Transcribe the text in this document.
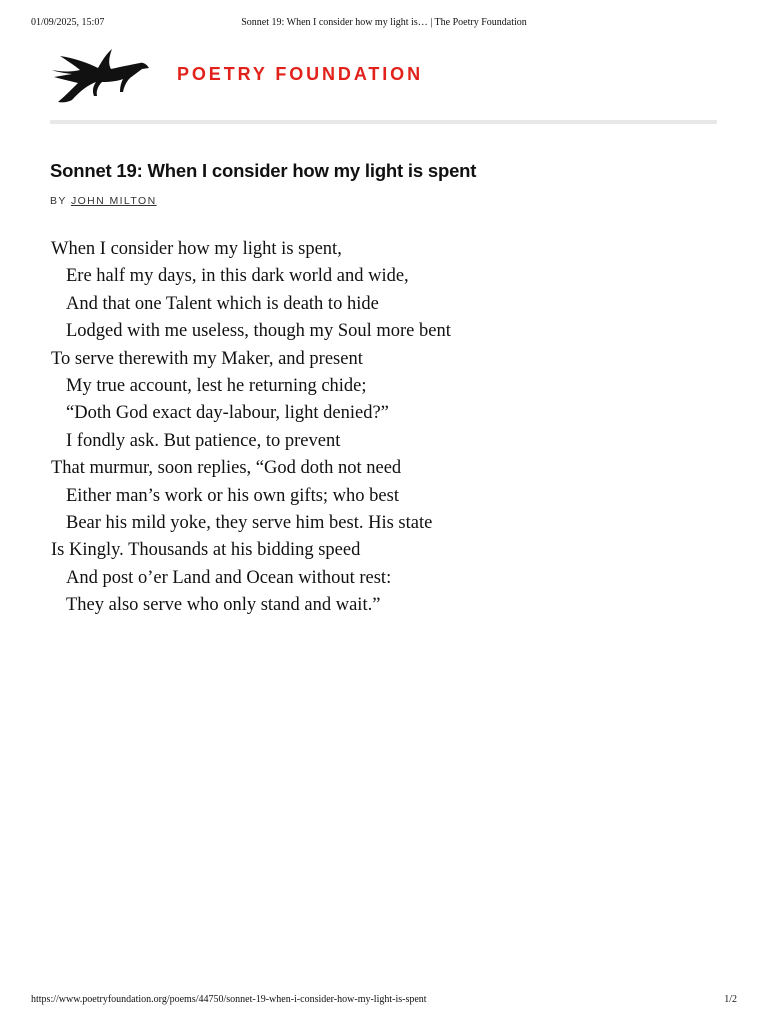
01/09/2025, 15:07	Sonnet 19: When I consider how my light is… | The Poetry Foundation
POETRY FOUNDATION
Sonnet 19: When I consider how my light is spent
BY JOHN MILTON
When I consider how my light is spent,
Ere half my days, in this dark world and wide,
And that one Talent which is death to hide
Lodged with me useless, though my Soul more bent
To serve therewith my Maker, and present
My true account, lest he returning chide;
“Doth God exact day-labour, light denied?”
I fondly ask. But patience, to prevent
That murmur, soon replies, “God doth not need
Either man’s work or his own gifts; who best
Bear his mild yoke, they serve him best. His state
Is Kingly. Thousands at his bidding speed
And post o’er Land and Ocean without rest:
They also serve who only stand and wait.”
https://www.poetryfoundation.org/poems/44750/sonnet-19-when-i-consider-how-my-light-is-spent	1/2
